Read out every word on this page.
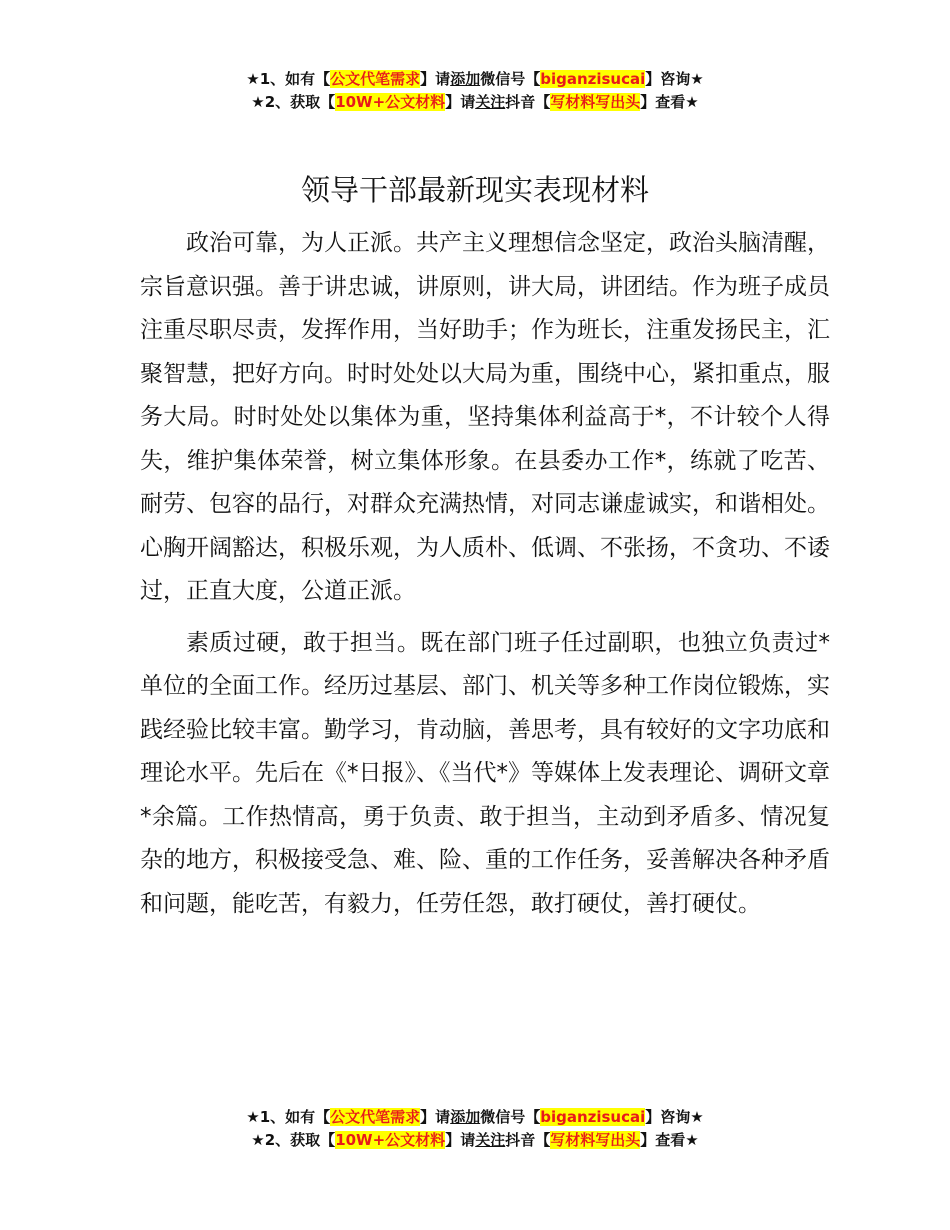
★1、如有【公文代笔需求】请添加微信号【biganzisucai】咨询★
★2、获取【10W+公文材料】请关注抖音【写材料写出头】查看★
领导干部最新现实表现材料

政治可靠，为人正派。共产主义理想信念坚定，政治头脑清醒，宗旨意识强。善于讲忠诚，讲原则，讲大局，讲团结。作为班子成员注重尽职尽责，发挥作用，当好助手；作为班长，注重发扬民主，汇聚智慧，把好方向。时时处处以大局为重，围绕中心，紧扣重点，服务大局。时时处处以集体为重，坚持集体利益高于*，不计较个人得失，维护集体荣誉，树立集体形象。在县委办工作*，练就了吃苦、耐劳、包容的品行，对群众充满热情，对同志谦虚诚实，和谐相处。心胸开阔豁达，积极乐观，为人质朴、低调、不张扬，不贪功、不诿过，正直大度，公道正派。

素质过硬，敢于担当。既在部门班子任过副职，也独立负责过*单位的全面工作。经历过基层、部门、机关等多种工作岗位锻炼，实践经验比较丰富。勤学习，肯动脑，善思考，具有较好的文字功底和理论水平。先后在《*日报》、《当代*》等媒体上发表理论、调研文章*余篇。工作热情高，勇于负责、敢于担当，主动到矛盾多、情况复杂的地方，积极接受急、难、险、重的工作任务，妥善解决各种矛盾和问题，能吃苦，有毅力，任劳任怨，敢打硬仗，善打硬仗。

★1、如有【公文代笔需求】请添加微信号【biganzisucai】咨询★
★2、获取【10W+公文材料】请关注抖音【写材料写出头】查看★
